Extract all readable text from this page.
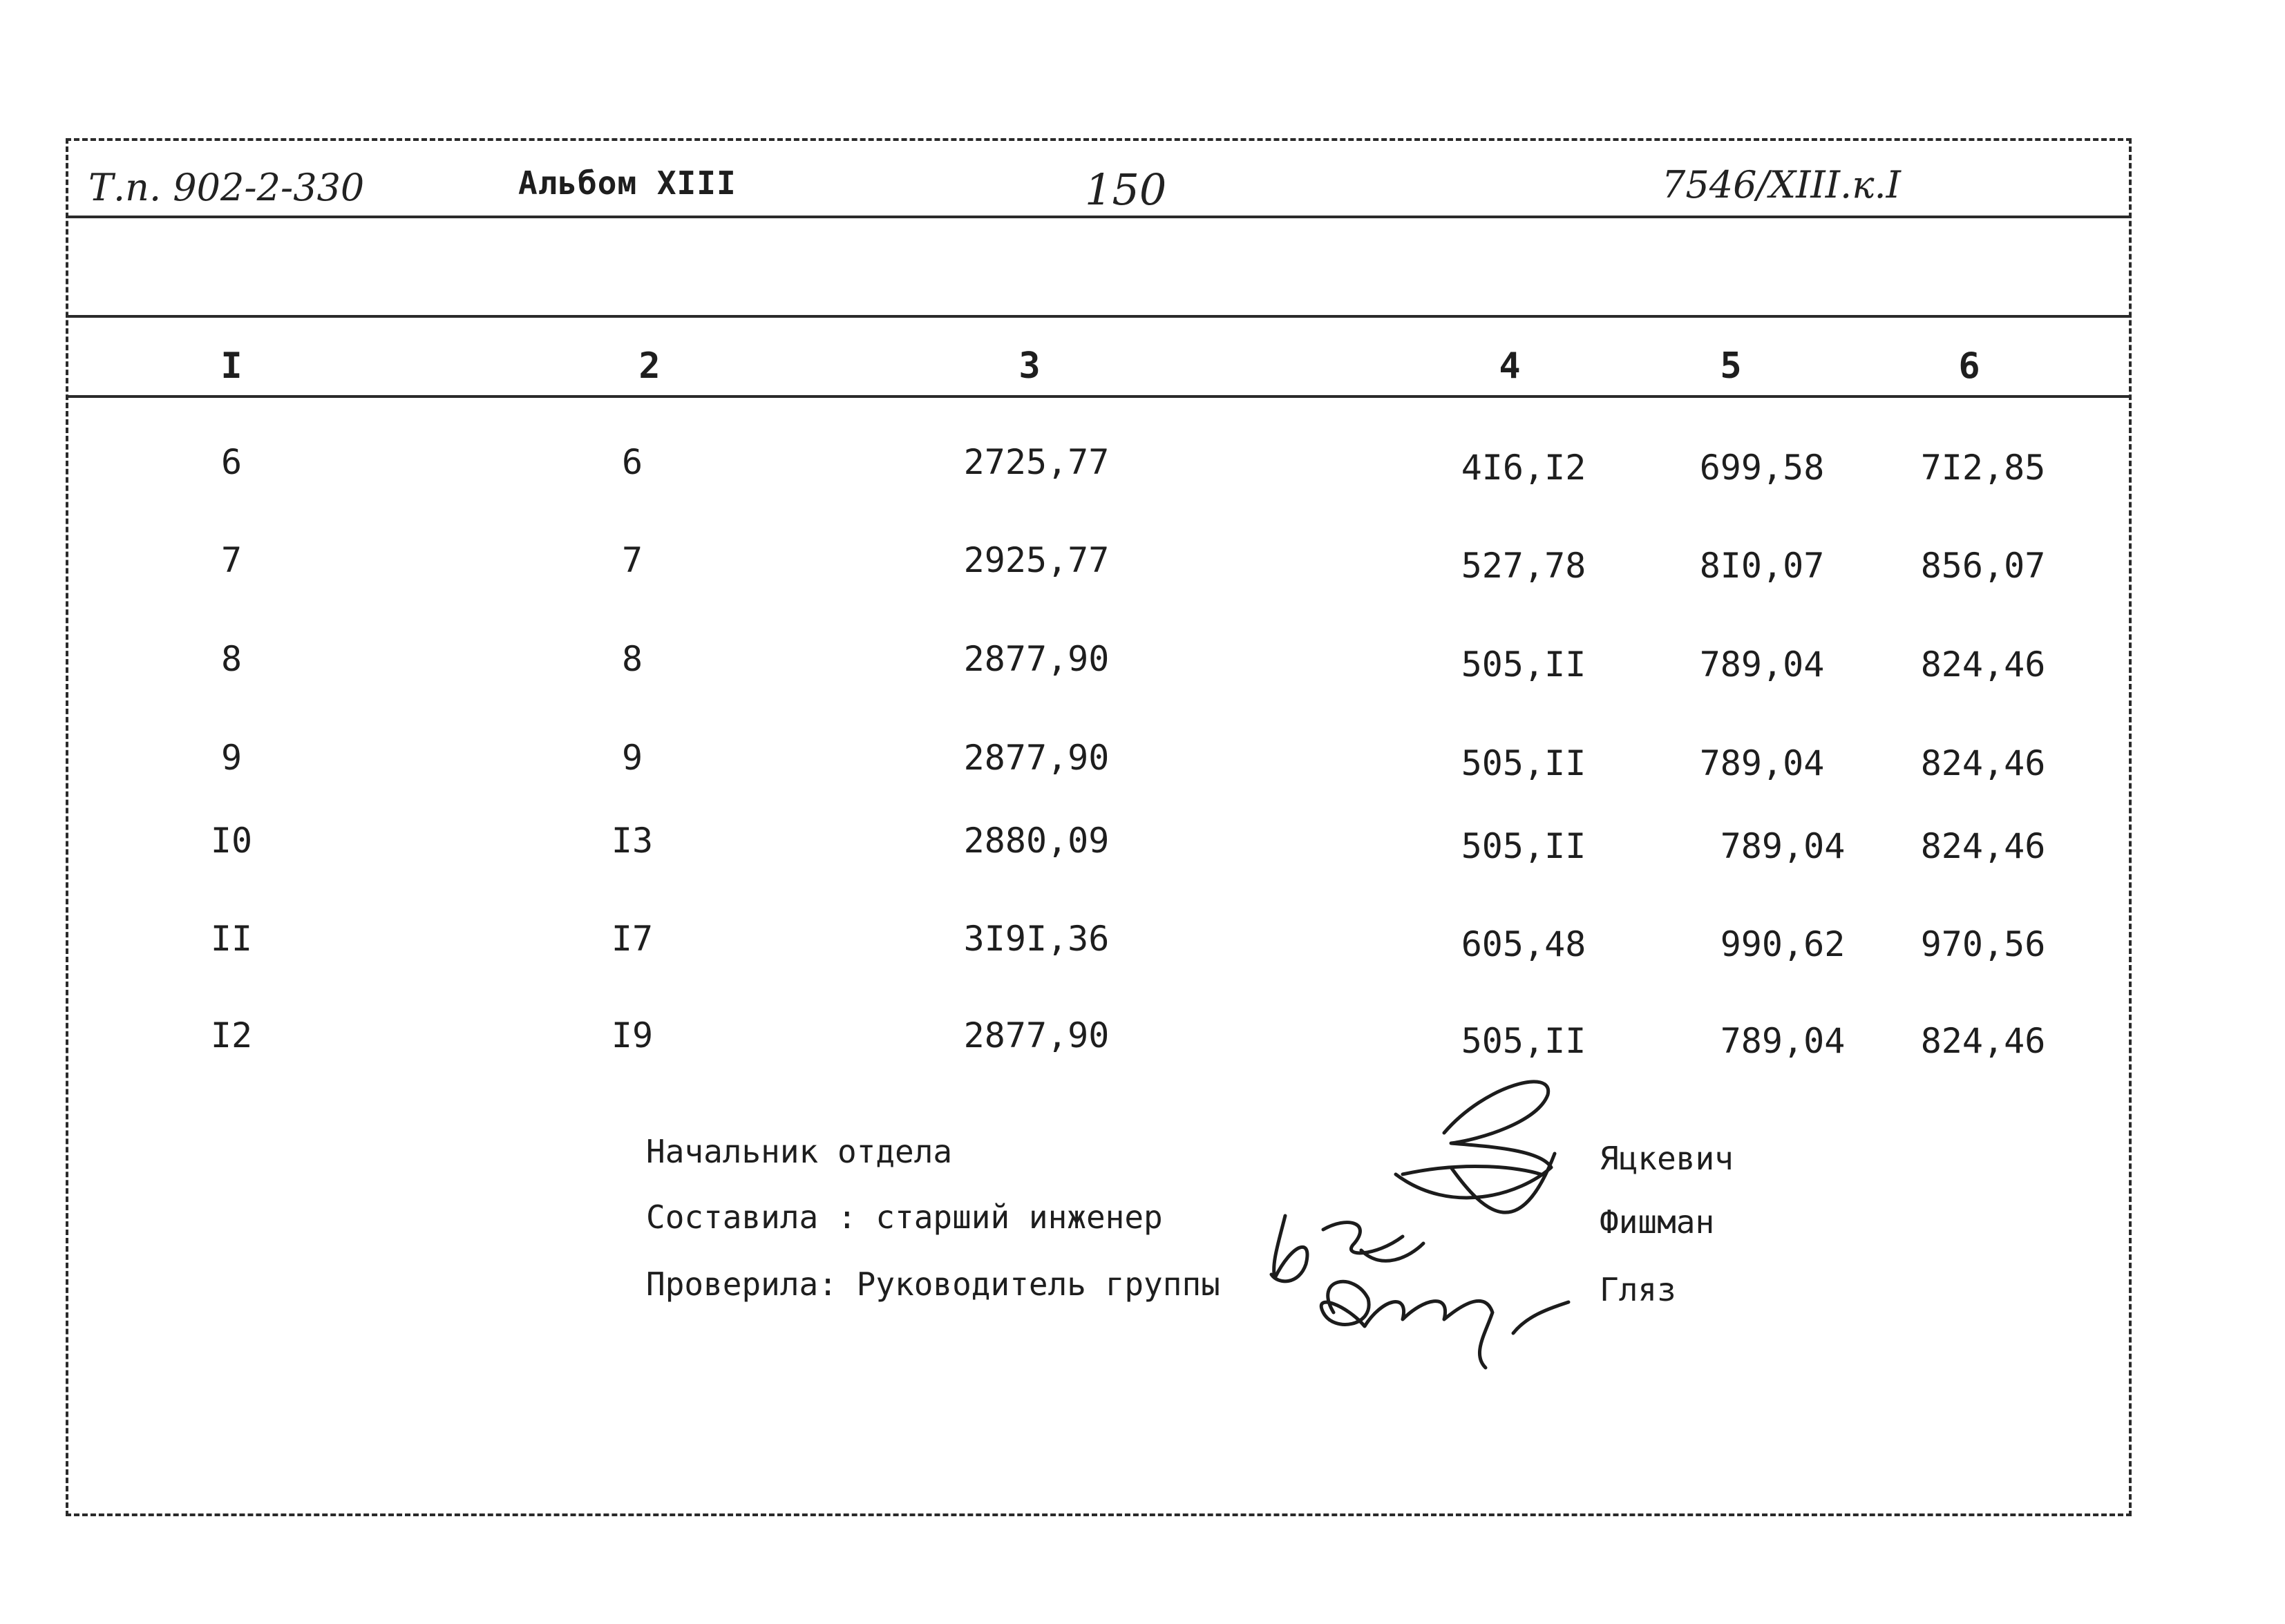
Т.п. 902-2-330	Альбом XIII	150	7546/XIII.к.I
I	2	3	4	5	6
6	6	2725,77	4I6,I2	699,58	7I2,85
7	7	2925,77	527,78	8I0,07	856,07
8	8	2877,90	505,II	789,04	824,46
9	9	2877,90	505,II	789,04	824,46
I0	I3	2880,09	505,II	789,04	824,46
II	I7	3I9I,36	605,48	990,62	970,56
I2	I9	2877,90	505,II	789,04	824,46
Начальник отдела
Составила : старший инженер
Проверила: Руководитель группы
Яцкевич
Фишман
Гляз
